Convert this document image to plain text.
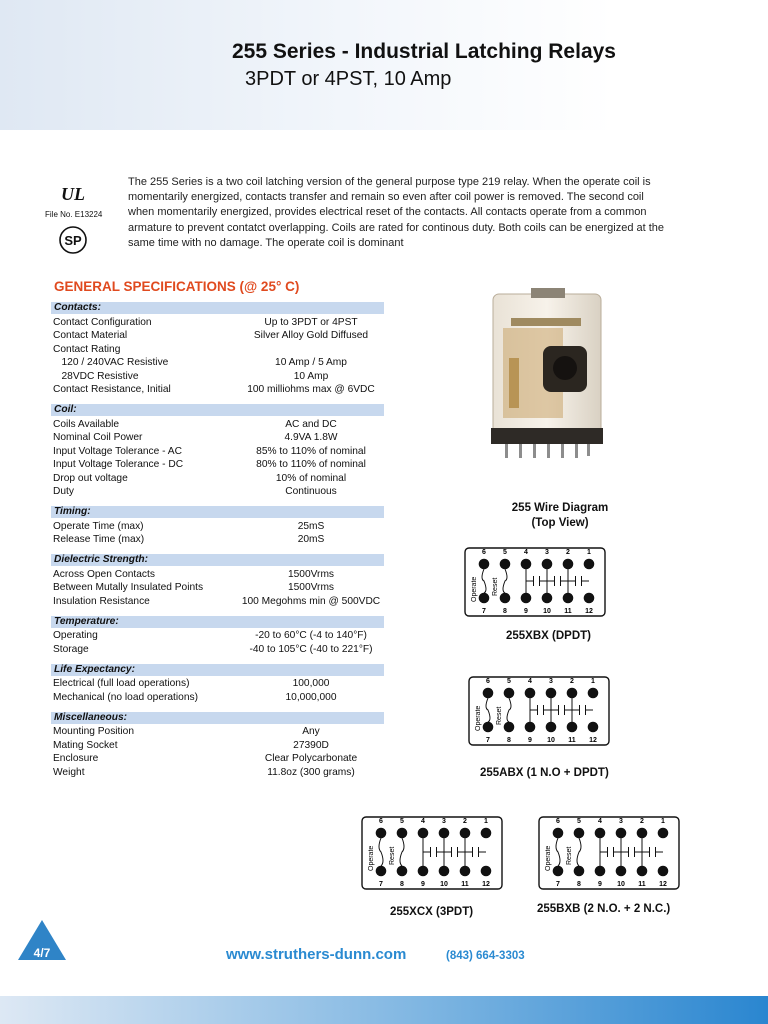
255 Series - Industrial Latching Relays
3PDT or 4PST, 10 Amp
UL
File No. E13224
SP
The 255 Series is a two coil latching version of the general purpose type 219 relay. When the operate coil is momentarily energized, contacts transfer and remain so even after coil power is removed. The second coil when momentarily energized, provides electrical reset of the contacts. All contacts operate from a common armature to prevent contatct overlapping. Coils are rated for continous duty. Both coils can be energized at the same time with no damage. The operate coil is dominant
GENERAL SPECIFICATIONS (@ 25° C)
Contacts:
Contact Configuration	Up to 3PDT or 4PST
Contact Material	Silver Alloy Gold Diffused
Contact Rating
120 / 240VAC Resistive	10 Amp / 5 Amp
28VDC Resistive	10 Amp
Contact Resistance, Initial	100 milliohms max @ 6VDC
Coil:
Coils Available	AC and DC
Nominal Coil Power	4.9VA 1.8W
Input Voltage Tolerance - AC	85% to 110% of nominal
Input Voltage Tolerance - DC	80% to 110% of nominal
Drop out voltage	10% of nominal
Duty	Continuous
Timing:
Operate Time (max)	25mS
Release Time (max)	20mS
Dielectric Strength:
Across Open Contacts	1500Vrms
Between Mutally Insulated Points	1500Vrms
Insulation Resistance	100 Megohms min @ 500VDC
Temperature:
Operating	-20 to 60°C (-4 to 140°F)
Storage	-40 to 105°C (-40 to 221°F)
Life Expectancy:
Electrical (full load operations)	100,000
Mechanical (no load operations)	10,000,000
Miscellaneous:
Mounting Position	Any
Mating Socket	27390D
Enclosure	Clear Polycarbonate
Weight	11.8oz (300 grams)
255 Wire Diagram
(Top View)
6
7
5
8
4
9
3
10
2
11
1
12
Operate Reset
255XBX (DPDT)
6
7
5
8
4
9
3
10
2
11
1
12
Operate Reset
255ABX (1 N.O + DPDT)
6
7
5
8
4
9
3
10
2
11
1
12
Operate Reset
255XCX (3PDT)
6
7
5
8
4
9
3
10
2
11
1
12
Operate Reset
255BXB (2 N.O. + 2 N.C.)
4/7	www.struthers-dunn.com	(843) 664-3303
